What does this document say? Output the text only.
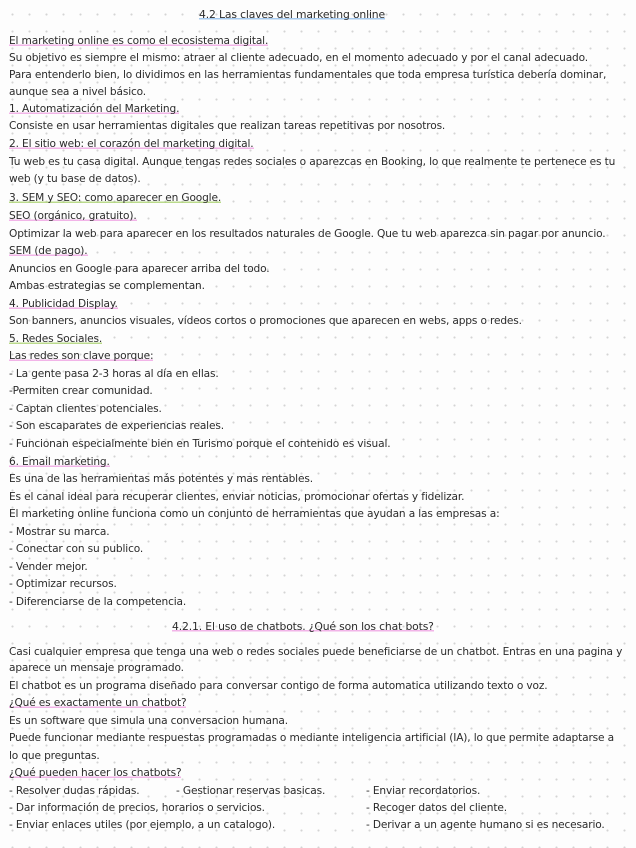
4.2 Las claves del marketing online
El marketing online es como el ecosistema digital.
Su objetivo es siempre el mismo: atraer al cliente adecuado, en el momento adecuado y por el canal adecuado.
Para entenderlo bien, lo dividimos en las herramientas fundamentales que toda empresa turística debería dominar,
aunque sea a nivel básico.
1. Automatización del Marketing.
Consiste en usar herramientas digitales que realizan tareas repetitivas por nosotros.
2. El sitio web: el corazón del marketing digital.
Tu web es tu casa digital. Aunque tengas redes sociales o aparezcas en Booking, lo que realmente te pertenece es tu
web (y tu base de datos).
3. SEM y SEO: como aparecer en Google.
SEO (orgánico, gratuito).
Optimizar la web para aparecer en los resultados naturales de Google. Que tu web aparezca sin pagar por anuncio.
SEM (de pago).
Anuncios en Google para aparecer arriba del todo.
Ambas estrategias se complementan.
4. Publicidad Display.
Son banners, anuncios visuales, vídeos cortos o promociones que aparecen en webs, apps o redes.
5. Redes Sociales.
Las redes son clave porque:
- La gente pasa 2-3 horas al día en ellas.
-Permiten crear comunidad.
- Captan clientes potenciales.
- Son escaparates de experiencias reales.
- Funcionan especialmente bien en Turismo porque el contenido es visual.
6. Email marketing.
Es una de las herramientas más potentes y mas rentables.
Es el canal ideal para recuperar clientes, enviar noticias, promocionar ofertas y fidelizar.
El marketing online funciona como un conjunto de herramientas que ayudan a las empresas a:
- Mostrar su marca.
- Conectar con su publico.
- Vender mejor.
- Optimizar recursos.
- Diferenciarse de la competencia.
4.2.1. El uso de chatbots. ¿Qué son los chat bots?
Casi cualquier empresa que tenga una web o redes sociales puede beneficiarse de un chatbot. Entras en una pagina y
aparece un mensaje programado.
El chatbot es un programa diseñado para conversar contigo de forma automatica utilizando texto o voz.
¿Qué es exactamente un chatbot?
Es un software que simula una conversacion humana.
Puede funcionar mediante respuestas programadas o mediante inteligencia artificial (IA), lo que permite adaptarse a
lo que preguntas.
¿Qué pueden hacer los chatbots?
- Resolver dudas rápidas.
- Dar información de precios, horarios o servicios.
- Enviar enlaces utiles (por ejemplo, a un catalogo).
- Gestionar reservas basicas.	- Enviar recordatorios.
- Recoger datos del cliente.
- Derivar a un agente humano si es necesario.
